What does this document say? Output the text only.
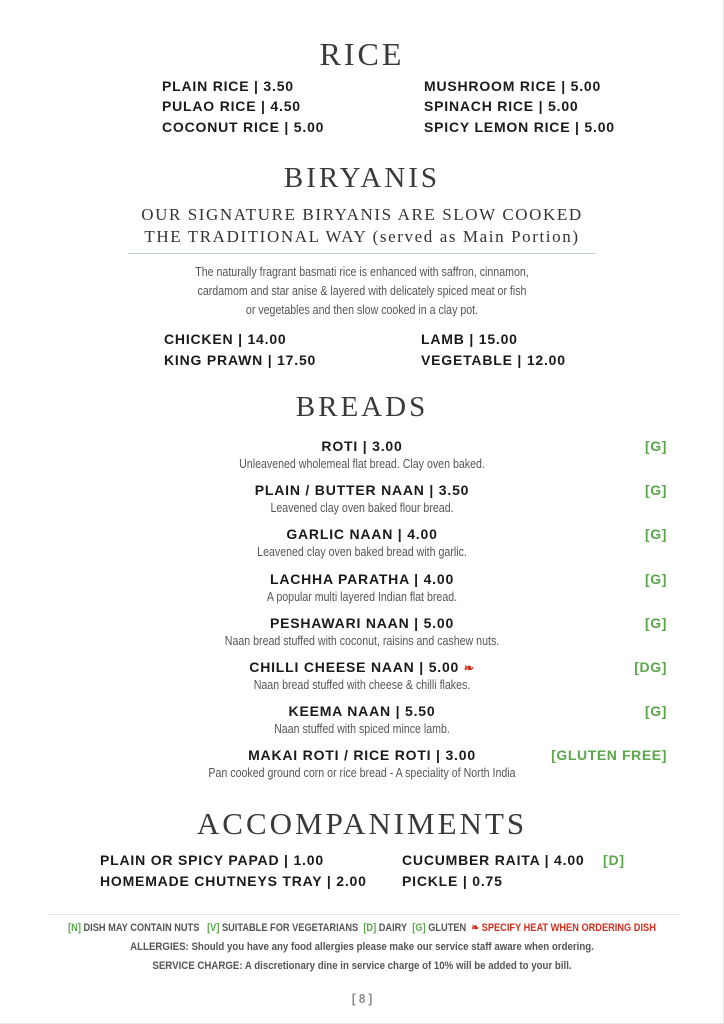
RICE
PLAIN RICE | 3.50
PULAO RICE | 4.50
COCONUT RICE | 5.00
MUSHROOM RICE | 5.00
SPINACH RICE | 5.00
SPICY LEMON RICE | 5.00
BIRYANIS
OUR SIGNATURE BIRYANIS ARE SLOW COOKED
THE TRADITIONAL WAY (served as Main Portion)
The naturally fragrant basmati rice is enhanced with saffron, cinnamon,
cardamom and star anise & layered with delicately spiced meat or fish
or vegetables and then slow cooked in a clay pot.
CHICKEN | 14.00
KING PRAWN | 17.50
LAMB | 15.00
VEGETABLE | 12.00
BREADS
ROTI | 3.00
Unleavened wholemeal flat bread. Clay oven baked.
[G]
PLAIN / BUTTER NAAN | 3.50
Leavened clay oven baked flour bread.
[G]
GARLIC NAAN | 4.00
Leavened clay oven baked bread with garlic.
[G]
LACHHA PARATHA | 4.00
A popular multi layered Indian flat bread.
[G]
PESHAWARI NAAN | 5.00
Naan bread stuffed with coconut, raisins and cashew nuts.
[G]
CHILLI CHEESE NAAN | 5.00 ❧
Naan bread stuffed with cheese & chilli flakes.
[DG]
KEEMA NAAN | 5.50
Naan stuffed with spiced mince lamb.
[G]
MAKAI ROTI / RICE ROTI | 3.00
Pan cooked ground corn or rice bread - A speciality of North India
[GLUTEN FREE]
ACCOMPANIMENTS
PLAIN OR SPICY PAPAD | 1.00
HOMEMADE CHUTNEYS TRAY | 2.00
CUCUMBER RAITA | 4.00
PICKLE | 0.75
[D]
[N] DISH MAY CONTAIN NUTS [V] SUITABLE FOR VEGETARIANS [D] DAIRY [G] GLUTEN ❧ SPECIFY HEAT WHEN ORDERING DISH
ALLERGIES: Should you have any food allergies please make our service staff aware when ordering.
SERVICE CHARGE: A discretionary dine in service charge of 10% will be added to your bill.
[ 8 ]
